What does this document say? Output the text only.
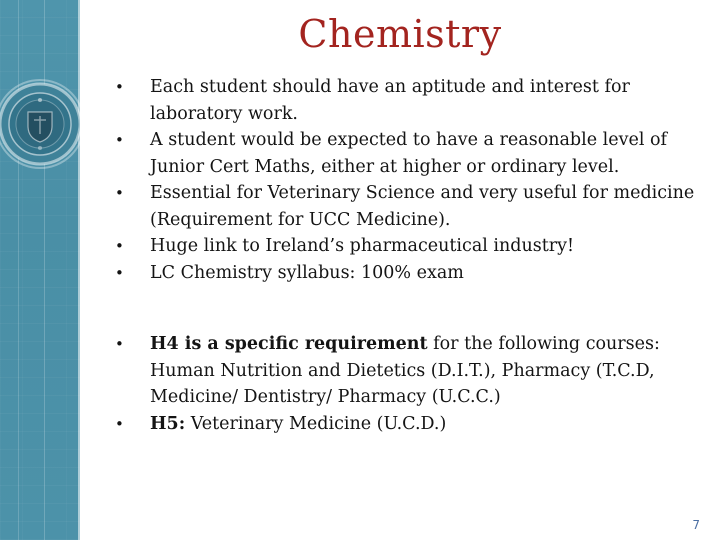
Chemistry
• Each student should have an aptitude and interest for laboratory work.
• A student would be expected to have a reasonable level of Junior Cert Maths, either at higher or ordinary level.
• Essential for Veterinary Science and very useful for medicine (Requirement for UCC Medicine).
• Huge link to Ireland’s pharmaceutical industry!
• LC Chemistry syllabus: 100% exam
• H4 is a specific requirement for the following courses: Human Nutrition and Dietetics (D.I.T.), Pharmacy (T.C.D, Medicine/ Dentistry/ Pharmacy (U.C.C.)
• H5: Veterinary Medicine (U.C.D.)
7
